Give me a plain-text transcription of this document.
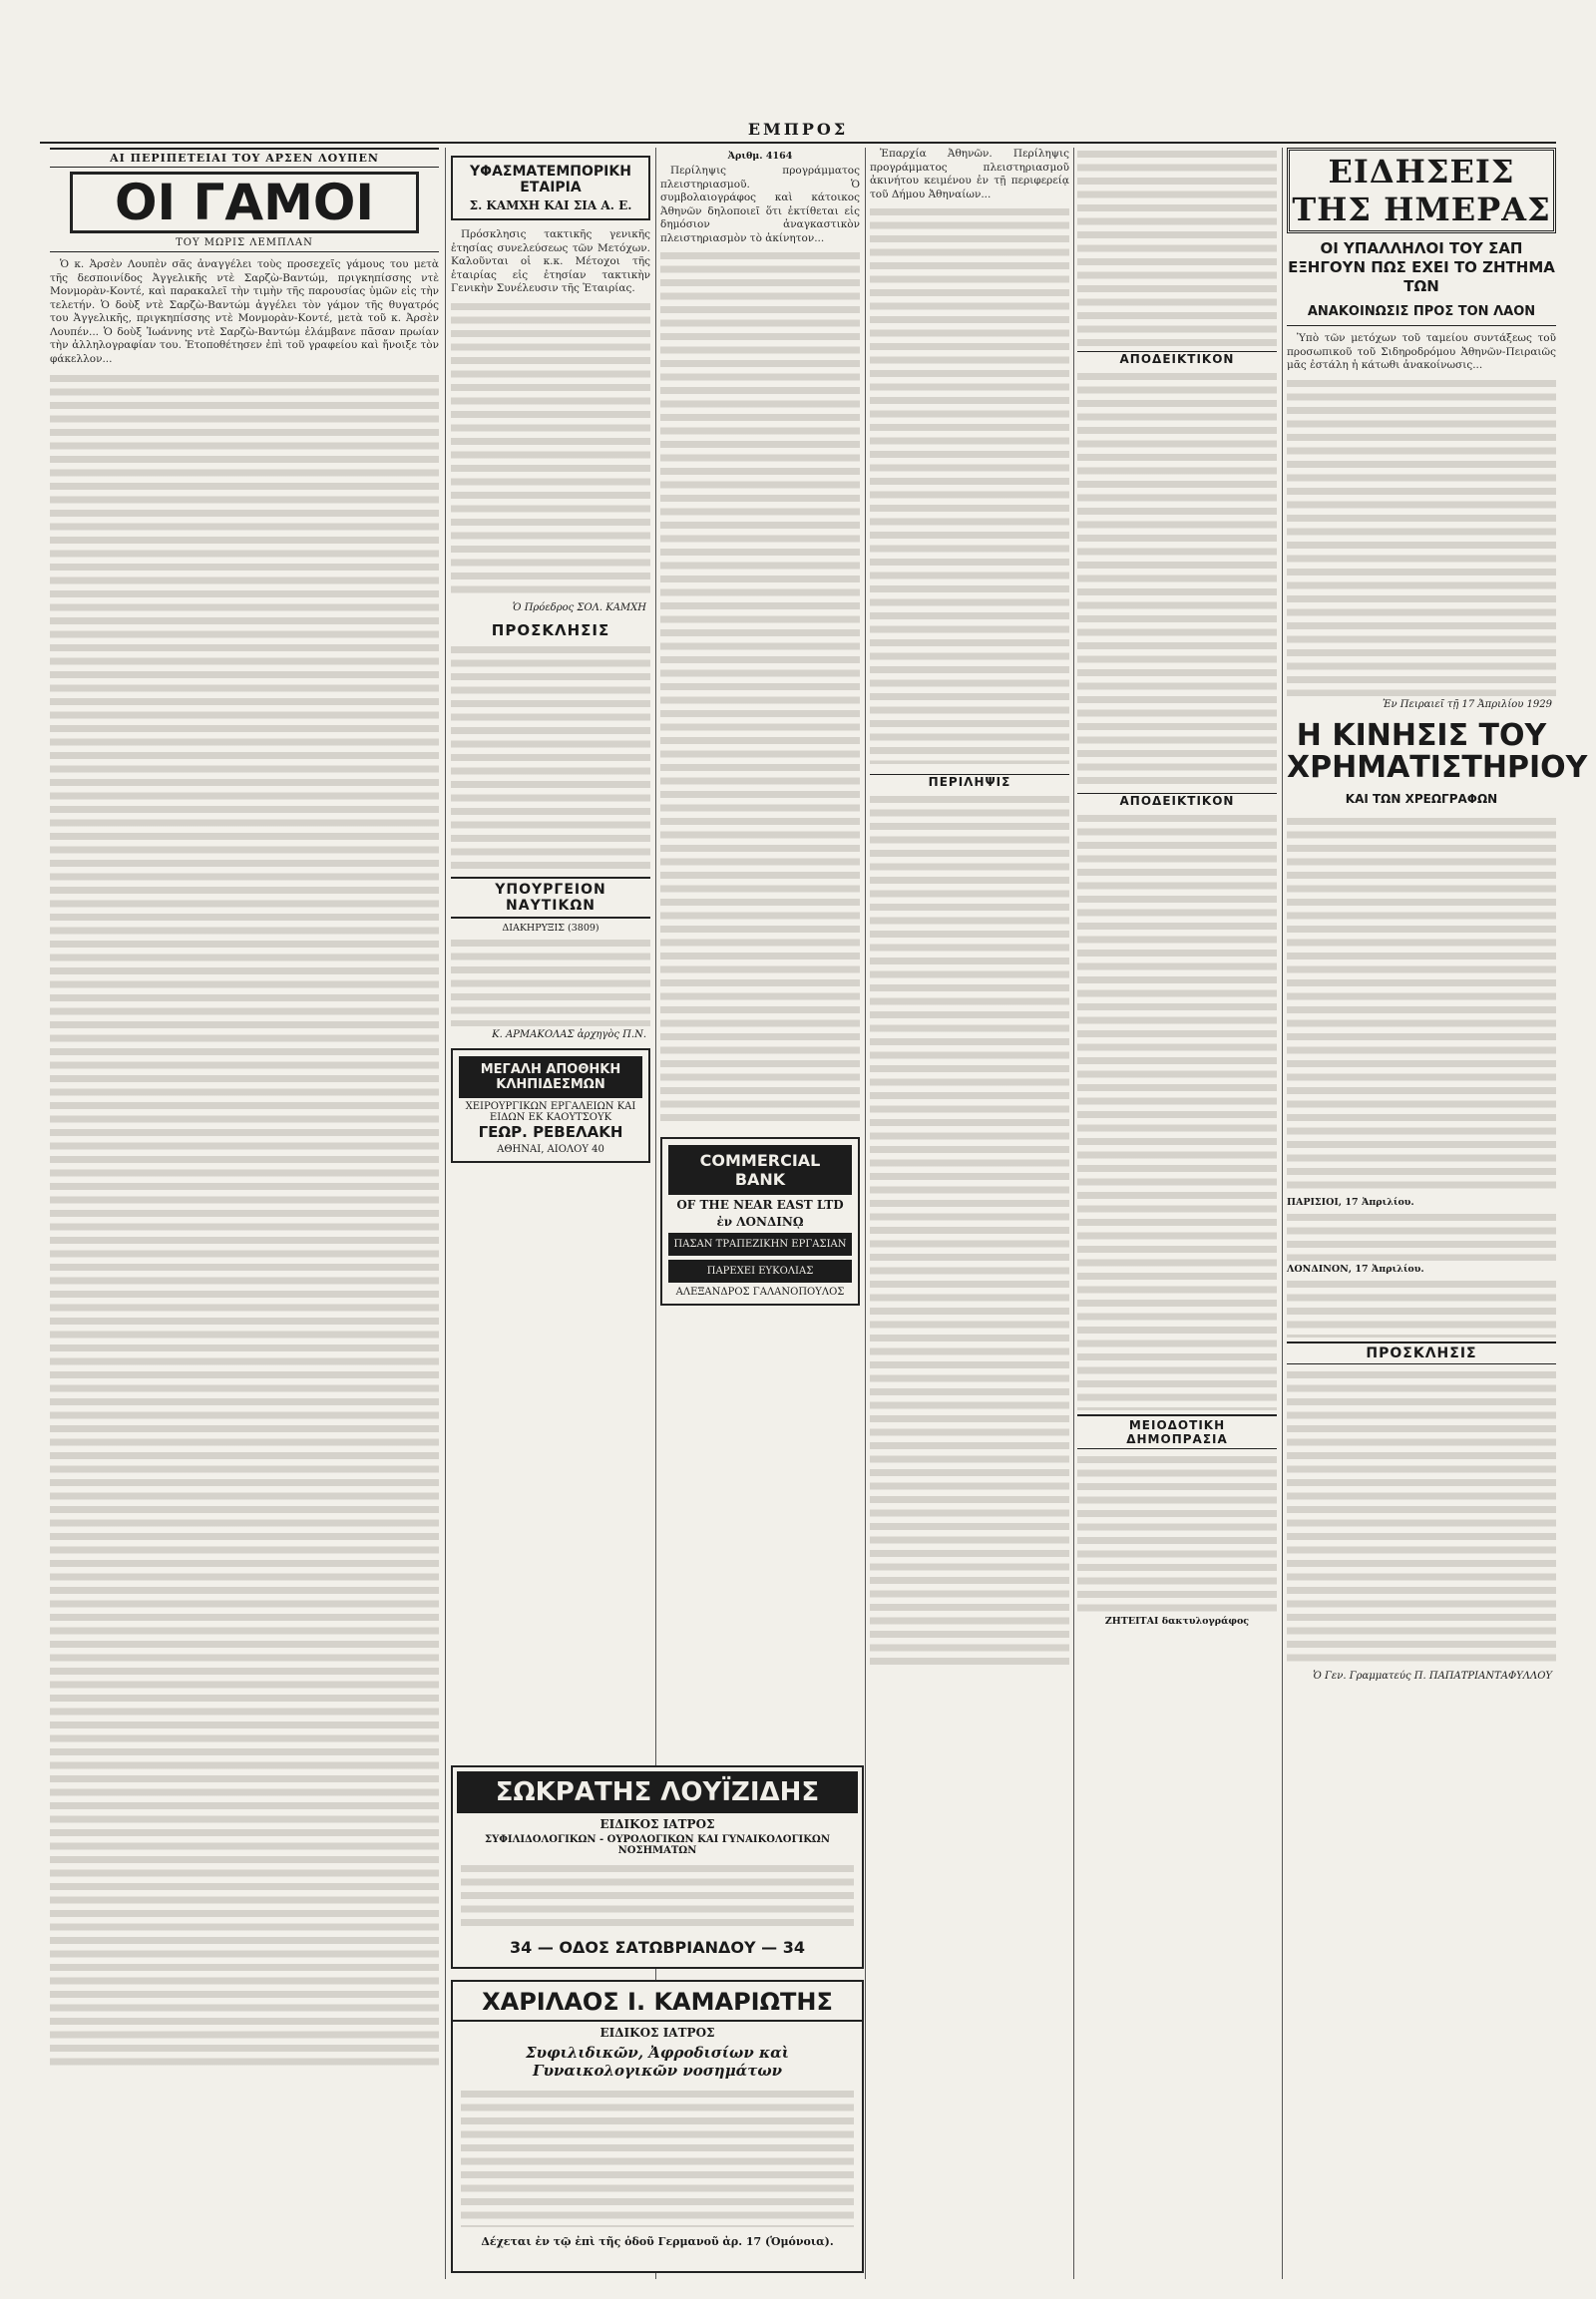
ΕΜΠΡΟΣ
ΑΙ ΠΕΡΙΠΕΤΕΙΑΙ ΤΟΥ ΑΡΣΕΝ ΛΟΥΠΕΝ
ΟΙ ΓΑΜΟΙ
ΤΟΥ ΜΩΡΙΣ ΛΕΜΠΛΑΝ

Ὁ κ. Ἀρσὲν Λουπὲν σᾶς ἀναγγέλει τοὺς προσεχεῖς γάμους του μετὰ τῆς δεσποινίδος Ἀγγελικῆς ντὲ Σαρζὼ-Βαντώμ, πριγκηπίσσης ντὲ Μονμορὰν-Κοντέ, καὶ παρακαλεῖ τὴν τιμὴν τῆς παρουσίας ὑμῶν εἰς τὴν τελετήν. Ὁ δοὺξ ντὲ Σαρζὼ-Βαντώμ ἀγγέλει τὸν γάμον τῆς θυγατρός του Ἀγγελικῆς, πριγκηπίσσης ντὲ Μονμορὰν-Κοντέ, μετὰ τοῦ κ. Ἀρσὲν Λουπέν... Ὁ δοὺξ Ἰωάννης ντὲ Σαρζὼ-Βαντώμ ἐλάμβανε πᾶσαν πρωίαν τὴν ἀλληλογραφίαν του. Ἐτοποθέτησεν ἐπὶ τοῦ γραφείου καὶ ἤνοιξε τὸν φάκελλον...

ΥΦΑΣΜΑΤΕΜΠΟΡΙΚΗ ΕΤΑΙΡΙΑ
Σ. ΚΑΜΧΗ ΚΑΙ ΣΙΑ Α. Ε.

Πρόσκλησις τακτικῆς γενικῆς ἐτησίας συνελεύσεως τῶν Μετόχων. Καλοῦνται οἱ κ.κ. Μέτοχοι τῆς ἑταιρίας εἰς ἐτησίαν τακτικὴν Γενικὴν Συνέλευσιν τῆς Ἑταιρίας.

Ὁ Πρόεδρος ΣΟΛ. ΚΑΜΧΗ
ΠΡΟΣΚΛΗΣΙΣ
ΥΠΟΥΡΓΕΙΟΝ ΝΑΥΤΙΚΩΝ
ΔΙΑΚΗΡΥΞΙΣ (3809)
Κ. ΑΡΜΑΚΟΛΑΣ ἀρχηγὸς Π.Ν.
ΜΕΓΑΛΗ ΑΠΟΘΗΚΗ ΚΛΗΠΙΔΕΣΜΩΝ
ΧΕΙΡΟΥΡΓΙΚΩΝ ΕΡΓΑΛΕΙΩΝ ΚΑΙ ΕΙΔΩΝ ΕΚ ΚΑΟΥΤΣΟΥΚ
ΓΕΩΡ. ΡΕΒΕΛΑΚΗ
ΑΘΗΝΑΙ, ΑΙΟΛΟΥ 40
Ἀριθμ. 4164

Περίληψις προγράμματος πλειστηριασμοῦ. Ὁ συμβολαιογράφος καὶ κάτοικος Ἀθηνῶν δηλοποιεῖ ὅτι ἐκτίθεται εἰς δημόσιον ἀναγκαστικὸν πλειστηριασμὸν τὸ ἀκίνητον...

COMMERCIAL BANK
OF THE NEAR EAST LTD
ἐν ΛΟΝΔΙΝῼ
ΠΑΣΑΝ ΤΡΑΠΕΖΙΚΗΝ ΕΡΓΑΣΙΑΝ
ΠΑΡΕΧΕΙ ΕΥΚΟΛΙΑΣ
ΑΛΕΞΑΝΔΡΟΣ ΓΑΛΑΝΟΠΟΥΛΟΣ

Ἐπαρχία Ἀθηνῶν. Περίληψις προγράμματος πλειστηριασμοῦ ἀκινήτου κειμένου ἐν τῇ περιφερείᾳ τοῦ Δήμου Ἀθηναίων...

ΠΕΡΙΛΗΨΙΣ
ΑΠΟΔΕΙΚΤΙΚΟΝ
ΑΠΟΔΕΙΚΤΙΚΟΝ
ΜΕΙΟΔΟΤΙΚΗ ΔΗΜΟΠΡΑΣΙΑ
ΖΗΤΕΙΤΑΙ δακτυλογράφος
ΕΙΔΗΣΕΙΣ ΤΗΣ ΗΜΕΡΑΣ
ΟΙ ΥΠΑΛΛΗΛΟΙ ΤΟΥ ΣΑΠ ΕΞΗΓΟΥΝ ΠΩΣ ΕΧΕΙ ΤΟ ΖΗΤΗΜΑ ΤΩΝ
ΑΝΑΚΟΙΝΩΣΙΣ ΠΡΟΣ ΤΟΝ ΛΑΟΝ

Ὑπὸ τῶν μετόχων τοῦ ταμείου συντάξεως τοῦ προσωπικοῦ τοῦ Σιδηροδρόμου Ἀθηνῶν-Πειραιῶς μᾶς ἐστάλη ἡ κάτωθι ἀνακοίνωσις...

Ἐν Πειραιεῖ τῇ 17 Ἀπριλίου 1929
Η ΚΙΝΗΣΙΣ ΤΟΥ ΧΡΗΜΑΤΙΣΤΗΡΙΟΥ
ΚΑΙ ΤΩΝ ΧΡΕΩΓΡΑΦΩΝ
ΠΑΡΙΣΙΟΙ, 17 Ἀπριλίου.
ΛΟΝΔΙΝΟΝ, 17 Ἀπριλίου.
ΠΡΟΣΚΛΗΣΙΣ
Ὁ Γεν. Γραμματεύς Π. ΠΑΠΑΤΡΙΑΝΤΑΦΥΛΛΟΥ
ΣΩΚΡΑΤΗΣ ΛΟΥΪΖΙΔΗΣ
ΕΙΔΙΚΟΣ ΙΑΤΡΟΣ
ΣΥΦΙΛΙΔΟΛΟΓΙΚΩΝ - ΟΥΡΟΛΟΓΙΚΩΝ ΚΑΙ ΓΥΝΑΙΚΟΛΟΓΙΚΩΝ ΝΟΣΗΜΑΤΩΝ
34 — ΟΔΟΣ ΣΑΤΩΒΡΙΑΝΔΟΥ — 34
ΧΑΡΙΛΑΟΣ Ι. ΚΑΜΑΡΙΩΤΗΣ
ΕΙΔΙΚΟΣ ΙΑΤΡΟΣ
Συφιλιδικῶν, Ἀφροδισίων καὶ Γυναικολογικῶν νοσημάτων
Δέχεται ἐν τῷ ἐπὶ τῆς ὁδοῦ Γερμανοῦ ἀρ. 17 (Ὁμόνοια).
